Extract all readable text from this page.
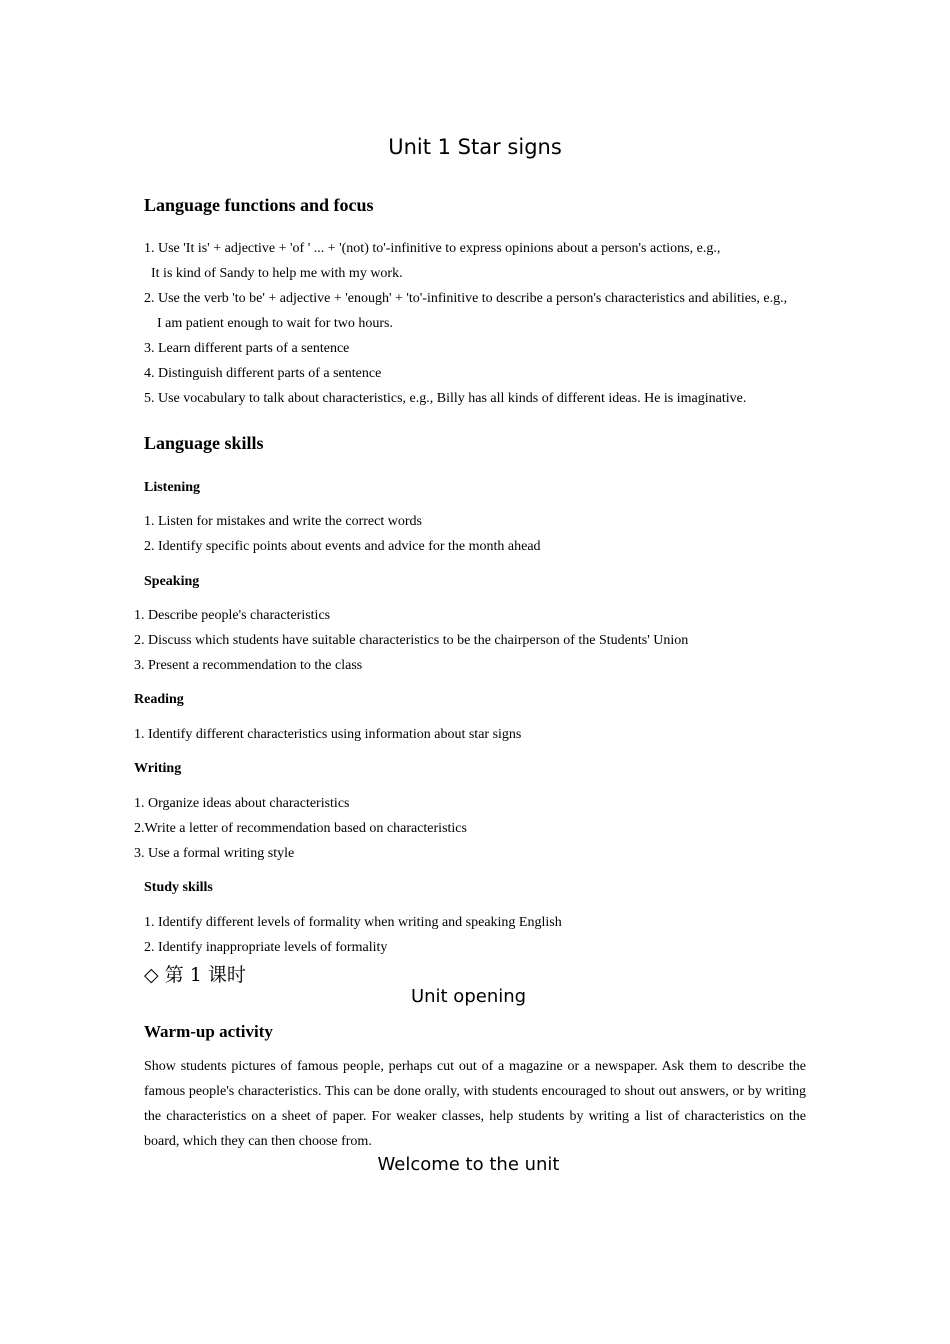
Unit 1 Star signs
Language functions and focus
1. Use 'It is' + adjective + 'of ' ... + '(not) to'-infinitive to express opinions about a person's actions, e.g.,
It is kind of Sandy to help me with my work.
2. Use the verb 'to be' + adjective + 'enough' + 'to'-infinitive to describe a person's characteristics and abilities, e.g.,
I am patient enough to wait for two hours.
3. Learn different parts of a sentence
4. Distinguish different parts of a sentence
5. Use vocabulary to talk about characteristics, e.g., Billy has all kinds of different ideas. He is imaginative.
Language skills
Listening
1. Listen for mistakes and write the correct words
2. Identify specific points about events and advice for the month ahead
Speaking
1. Describe people's characteristics
2. Discuss which students have suitable characteristics to be the chairperson of the Students' Union
3. Present a recommendation to the class
Reading
1. Identify different characteristics using information about star signs
Writing
1. Organize ideas about characteristics
2.Write a letter of recommendation based on characteristics
3. Use a formal writing style
Study skills
1. Identify different levels of formality when writing and speaking English
2. Identify inappropriate levels of formality
◇ 第 1 课时
Unit opening
Warm-up activity
Show students pictures of famous people, perhaps cut out of a magazine or a newspaper. Ask them to describe the famous people's characteristics. This can be done orally, with students encouraged to shout out answers, or by writing the characteristics on a sheet of paper. For weaker classes, help students by writing a list of characteristics on the board, which they can then choose from.
Welcome to the unit
